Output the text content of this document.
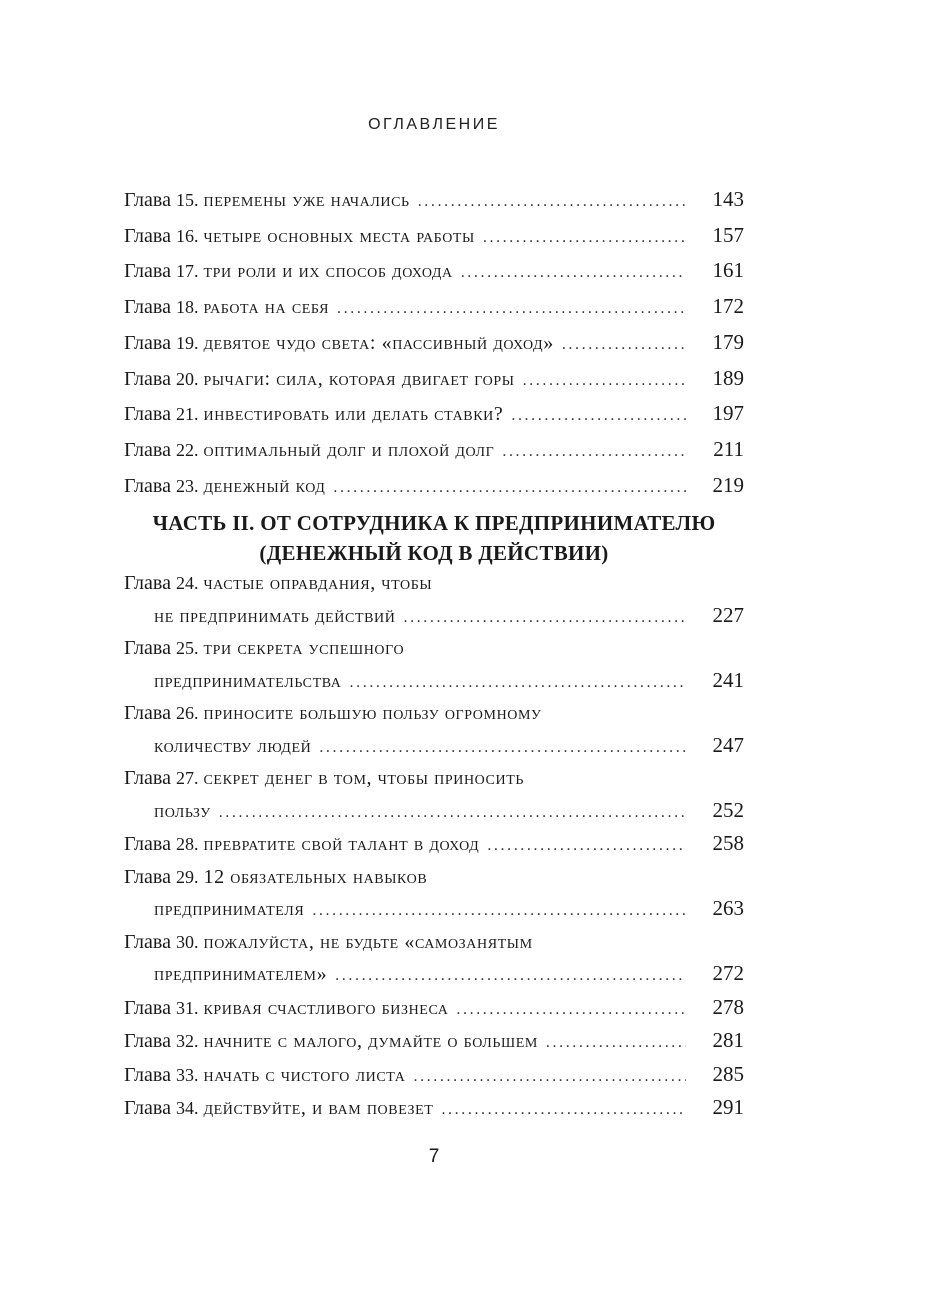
ОГЛАВЛЕНИЕ
Глава 15. перемены уже начались .....	143
Глава 16. четыре основных места работы .....	157
Глава 17. три роли и их способ дохода .....	161
Глава 18. работа на себя .....	172
Глава 19. девятое чудо света: «пассивный доход» .....	179
Глава 20. рычаги: сила, которая двигает горы .....	189
Глава 21. инвестировать или делать ставки? .....	197
Глава 22. оптимальный долг и плохой долг .....	211
Глава 23. денежный код .....	219
ЧАСТЬ II. ОТ СОТРУДНИКА К ПРЕДПРИНИМАТЕЛЮ
(ДЕНЕЖНЫЙ КОД В ДЕЙСТВИИ)
Глава 24. частые оправдания, чтобы
не предпринимать действий .....	227
Глава 25. три секрета успешного
предпринимательства .....	241
Глава 26. приносите большую пользу огромному
количеству людей .....	247
Глава 27. секрет денег в том, чтобы приносить
пользу .....	252
Глава 28. превратите свой талант в доход .....	258
Глава 29. 12 обязательных навыков
предпринимателя .....	263
Глава 30. пожалуйста, не будьте «самозанятым
предпринимателем» .....	272
Глава 31. кривая счастливого бизнеса .....	278
Глава 32. начните с малого, думайте о большем .....	281
Глава 33. начать с чистого листа .....	285
Глава 34. действуйте, и вам повезет .....	291
7
